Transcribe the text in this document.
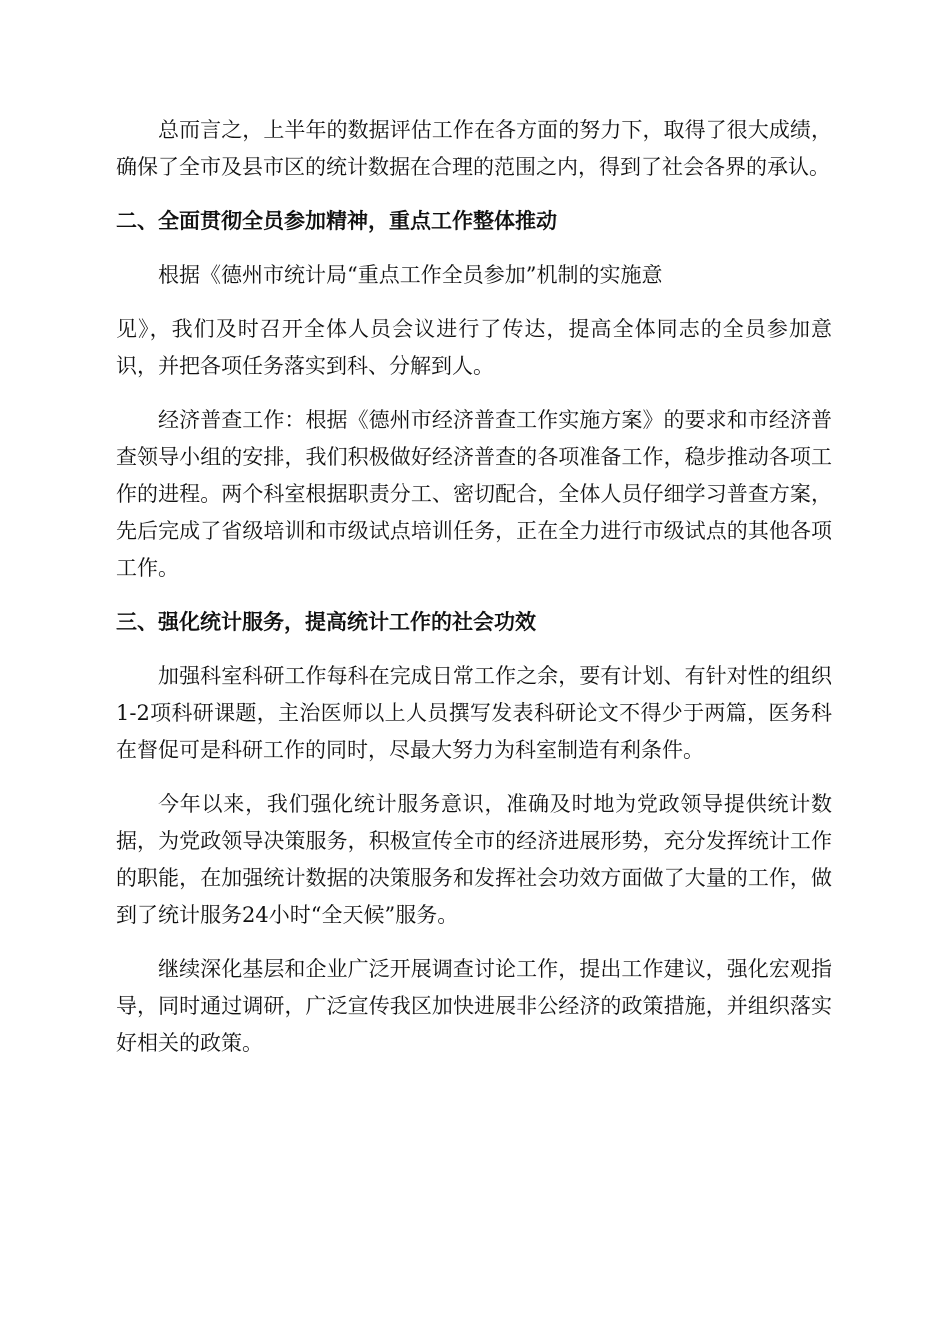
总而言之，上半年的数据评估工作在各方面的努力下，取得了很大成绩，确保了全市及县市区的统计数据在合理的范围之内，得到了社会各界的承认。

二、全面贯彻全员参加精神，重点工作整体推动

根据《德州市统计局“重点工作全员参加”机制的实施意

见》，我们及时召开全体人员会议进行了传达，提高全体同志的全员参加意识，并把各项任务落实到科、分解到人。

经济普查工作：根据《德州市经济普查工作实施方案》的要求和市经济普查领导小组的安排，我们积极做好经济普查的各项准备工作，稳步推动各项工作的进程。两个科室根据职责分工、密切配合，全体人员仔细学习普查方案，先后完成了省级培训和市级试点培训任务，正在全力进行市级试点的其他各项工作。

三、强化统计服务，提高统计工作的社会功效

加强科室科研工作每科在完成日常工作之余，要有计划、有针对性的组织1-2项科研课题，主治医师以上人员撰写发表科研论文不得少于两篇，医务科在督促可是科研工作的同时，尽最大努力为科室制造有利条件。

今年以来，我们强化统计服务意识，准确及时地为党政领导提供统计数据，为党政领导决策服务，积极宣传全市的经济进展形势，充分发挥统计工作的职能，在加强统计数据的决策服务和发挥社会功效方面做了大量的工作，做到了统计服务24小时“全天候”服务。

继续深化基层和企业广泛开展调查讨论工作，提出工作建议，强化宏观指导，同时通过调研，广泛宣传我区加快进展非公经济的政策措施，并组织落实好相关的政策。
